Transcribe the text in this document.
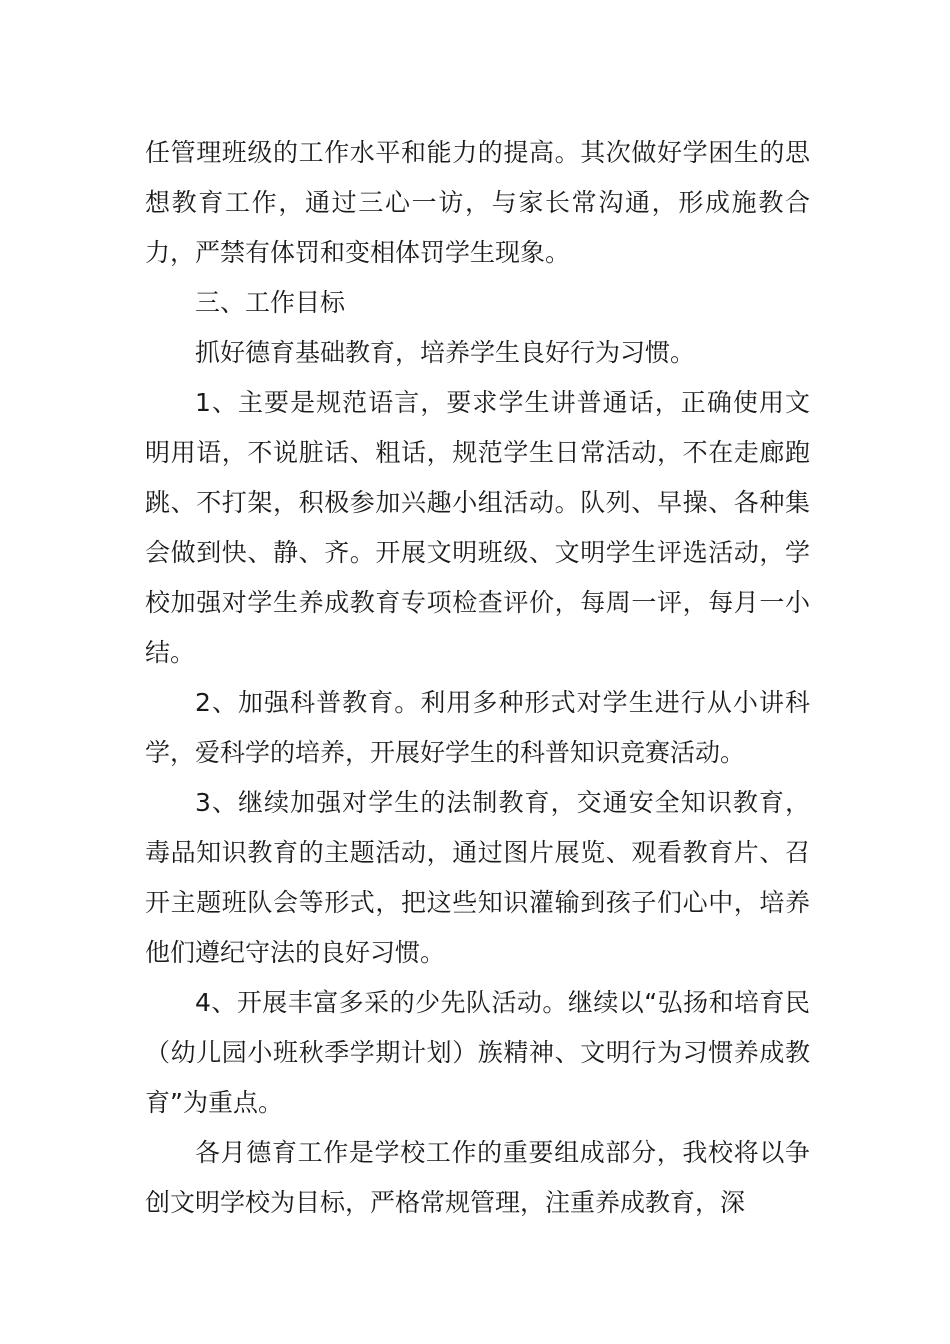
任管理班级的工作水平和能力的提高。其次做好学困生的思想教育工作，通过三心一访，与家长常沟通，形成施教合力，严禁有体罚和变相体罚学生现象。

三、工作目标

抓好德育基础教育，培养学生良好行为习惯。

1、主要是规范语言，要求学生讲普通话，正确使用文明用语，不说脏话、粗话，规范学生日常活动，不在走廊跑跳、不打架，积极参加兴趣小组活动。队列、早操、各种集会做到快、静、齐。开展文明班级、文明学生评选活动，学校加强对学生养成教育专项检查评价，每周一评，每月一小结。

2、加强科普教育。利用多种形式对学生进行从小讲科学，爱科学的培养，开展好学生的科普知识竞赛活动。

3、继续加强对学生的法制教育，交通安全知识教育，毒品知识教育的主题活动，通过图片展览、观看教育片、召开主题班队会等形式，把这些知识灌输到孩子们心中，培养他们遵纪守法的良好习惯。

4、开展丰富多采的少先队活动。继续以“弘扬和培育民（幼儿园小班秋季学期计划）族精神、文明行为习惯养成教育”为重点。

各月德育工作是学校工作的重要组成部分，我校将以争创文明学校为目标，严格常规管理，注重养成教育，深
